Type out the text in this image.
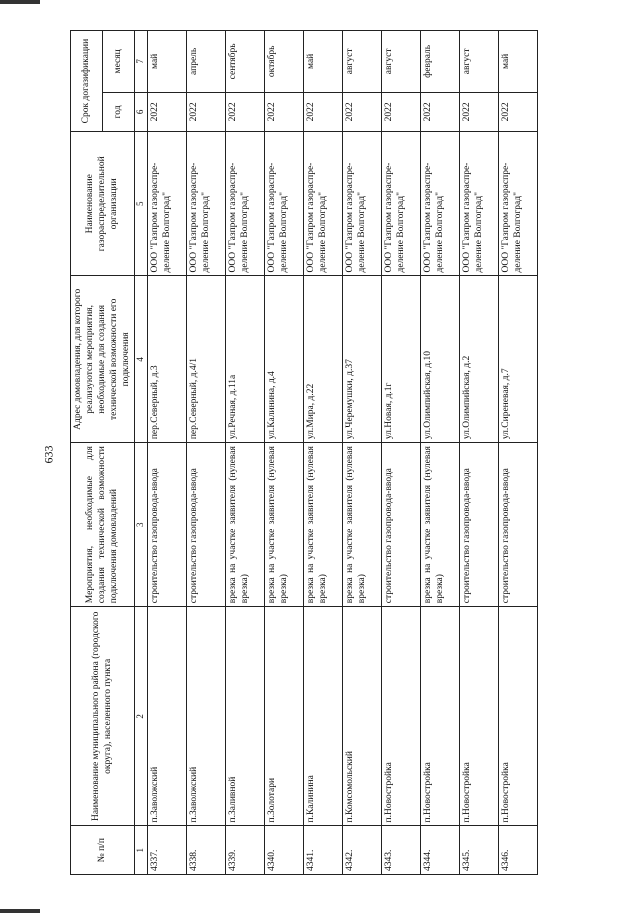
633
№ п/п	Наименование муниципального района (городского округа), населенного пункта	Мероприятия, необходимые для создания технической возможности подключения домовладений	Адрес домовладения, для которого реализуются мероприятия, необходимые для создания технической возможности его подключения	Наименование газораспределительной организации	Срок догазификации	
					год	месяц
1	2	3	4	5	6	7
4337.	п.Заволжский	строительство газопровода-ввода	пер.Северный, д.3	ООО "Газпром газораспре-деление Волгоград"	2022	май
4338.	п.Заволжский	строительство газопровода-ввода	пер.Северный, д.4/1	ООО "Газпром газораспре-деление Волгоград"	2022	апрель
4339.	п.Заливной	врезка на участке заявителя (нулевая врезка)	ул.Речная, д.11а	ООО "Газпром газораспре-деление Волгоград"	2022	сентябрь
4340.	п.Золотари	врезка на участке заявителя (нулевая врезка)	ул.Калинина, д.4	ООО "Газпром газораспре-деление Волгоград"	2022	октябрь
4341.	п.Калинина	врезка на участке заявителя (нулевая врезка)	ул.Мира, д.22	ООО "Газпром газораспре-деление Волгоград"	2022	май
4342.	п.Комсомольский	врезка на участке заявителя (нулевая врезка)	ул.Черемушки, д.37	ООО "Газпром газораспре-деление Волгоград"	2022	август
4343.	п.Новостройка	строительство газопровода-ввода	ул.Новая, д.1г	ООО "Газпром газораспре-деление Волгоград"	2022	август
4344.	п.Новостройка	врезка на участке заявителя (нулевая врезка)	ул.Олимпийская, д.10	ООО "Газпром газораспре-деление Волгоград"	2022	февраль
4345.	п.Новостройка	строительство газопровода-ввода	ул.Олимпийская, д.2	ООО "Газпром газораспре-деление Волгоград"	2022	август
4346.	п.Новостройка	строительство газопровода-ввода	ул.Сиреневая, д.7	ООО "Газпром газораспре-деление Волгоград"	2022	май
